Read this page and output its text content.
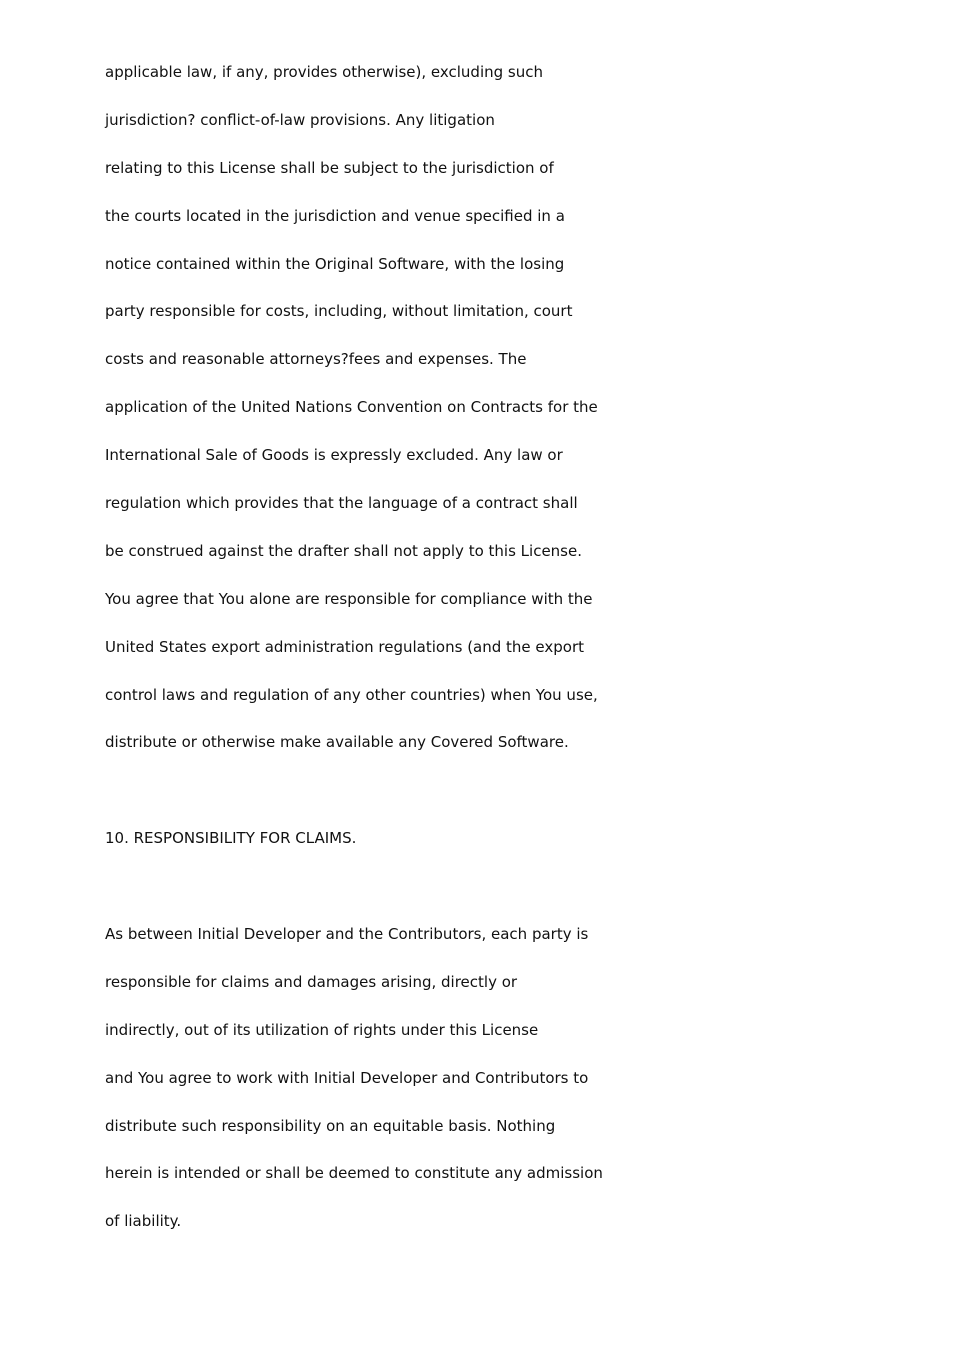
applicable law, if any, provides otherwise), excluding such
jurisdiction? conflict-of-law provisions. Any litigation
relating to this License shall be subject to the jurisdiction of
the courts located in the jurisdiction and venue specified in a
notice contained within the Original Software, with the losing
party responsible for costs, including, without limitation, court
costs and reasonable attorneys?fees and expenses. The
application of the United Nations Convention on Contracts for the
International Sale of Goods is expressly excluded. Any law or
regulation which provides that the language of a contract shall
be construed against the drafter shall not apply to this License.
You agree that You alone are responsible for compliance with the
United States export administration regulations (and the export
control laws and regulation of any other countries) when You use,
distribute or otherwise make available any Covered Software.
10. RESPONSIBILITY FOR CLAIMS.
As between Initial Developer and the Contributors, each party is
responsible for claims and damages arising, directly or
indirectly, out of its utilization of rights under this License
and You agree to work with Initial Developer and Contributors to
distribute such responsibility on an equitable basis. Nothing
herein is intended or shall be deemed to constitute any admission
of liability.
